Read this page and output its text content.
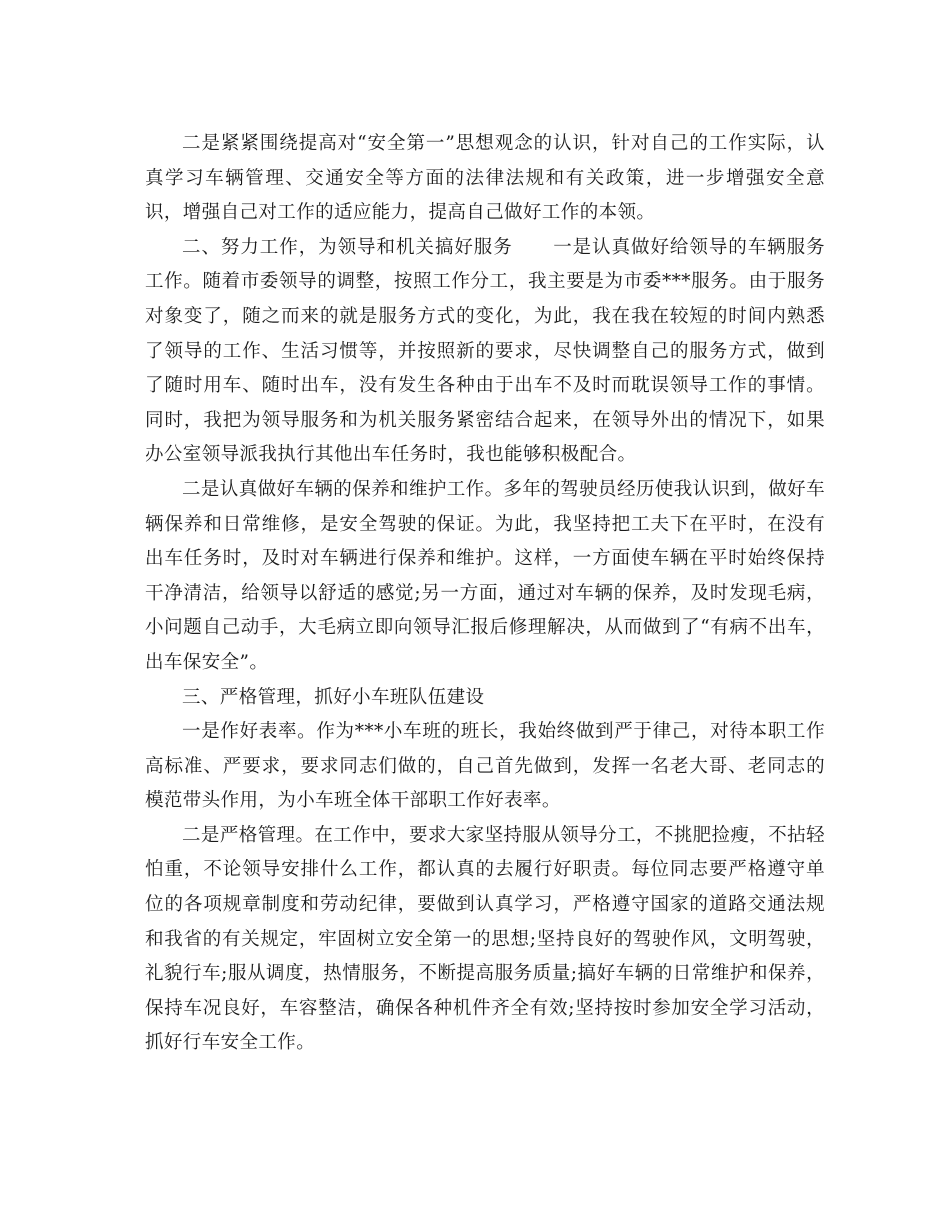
二是紧紧围绕提高对“安全第一”思想观念的认识，针对自己的工作实际，认真学习车辆管理、交通安全等方面的法律法规和有关政策，进一步增强安全意识，增强自己对工作的适应能力，提高自己做好工作的本领。

二、努力工作，为领导和机关搞好服务 一是认真做好给领导的车辆服务工作。随着市委领导的调整，按照工作分工，我主要是为市委***服务。由于服务对象变了，随之而来的就是服务方式的变化，为此，我在我在较短的时间内熟悉了领导的工作、生活习惯等，并按照新的要求，尽快调整自己的服务方式，做到了随时用车、随时出车，没有发生各种由于出车不及时而耽误领导工作的事情。同时，我把为领导服务和为机关服务紧密结合起来，在领导外出的情况下，如果办公室领导派我执行其他出车任务时，我也能够积极配合。

二是认真做好车辆的保养和维护工作。多年的驾驶员经历使我认识到，做好车辆保养和日常维修，是安全驾驶的保证。为此，我坚持把工夫下在平时，在没有出车任务时，及时对车辆进行保养和维护。这样，一方面使车辆在平时始终保持干净清洁，给领导以舒适的感觉;另一方面，通过对车辆的保养，及时发现毛病，小问题自己动手，大毛病立即向领导汇报后修理解决，从而做到了“有病不出车，出车保安全”。

三、严格管理，抓好小车班队伍建设

一是作好表率。作为***小车班的班长，我始终做到严于律己，对待本职工作高标准、严要求，要求同志们做的，自己首先做到，发挥一名老大哥、老同志的模范带头作用，为小车班全体干部职工作好表率。

二是严格管理。在工作中，要求大家坚持服从领导分工，不挑肥捡瘦，不拈轻怕重，不论领导安排什么工作，都认真的去履行好职责。每位同志要严格遵守单位的各项规章制度和劳动纪律，要做到认真学习，严格遵守国家的道路交通法规和我省的有关规定，牢固树立安全第一的思想;坚持良好的驾驶作风，文明驾驶，礼貌行车;服从调度，热情服务，不断提高服务质量;搞好车辆的日常维护和保养，保持车况良好，车容整洁，确保各种机件齐全有效;坚持按时参加安全学习活动，抓好行车安全工作。
